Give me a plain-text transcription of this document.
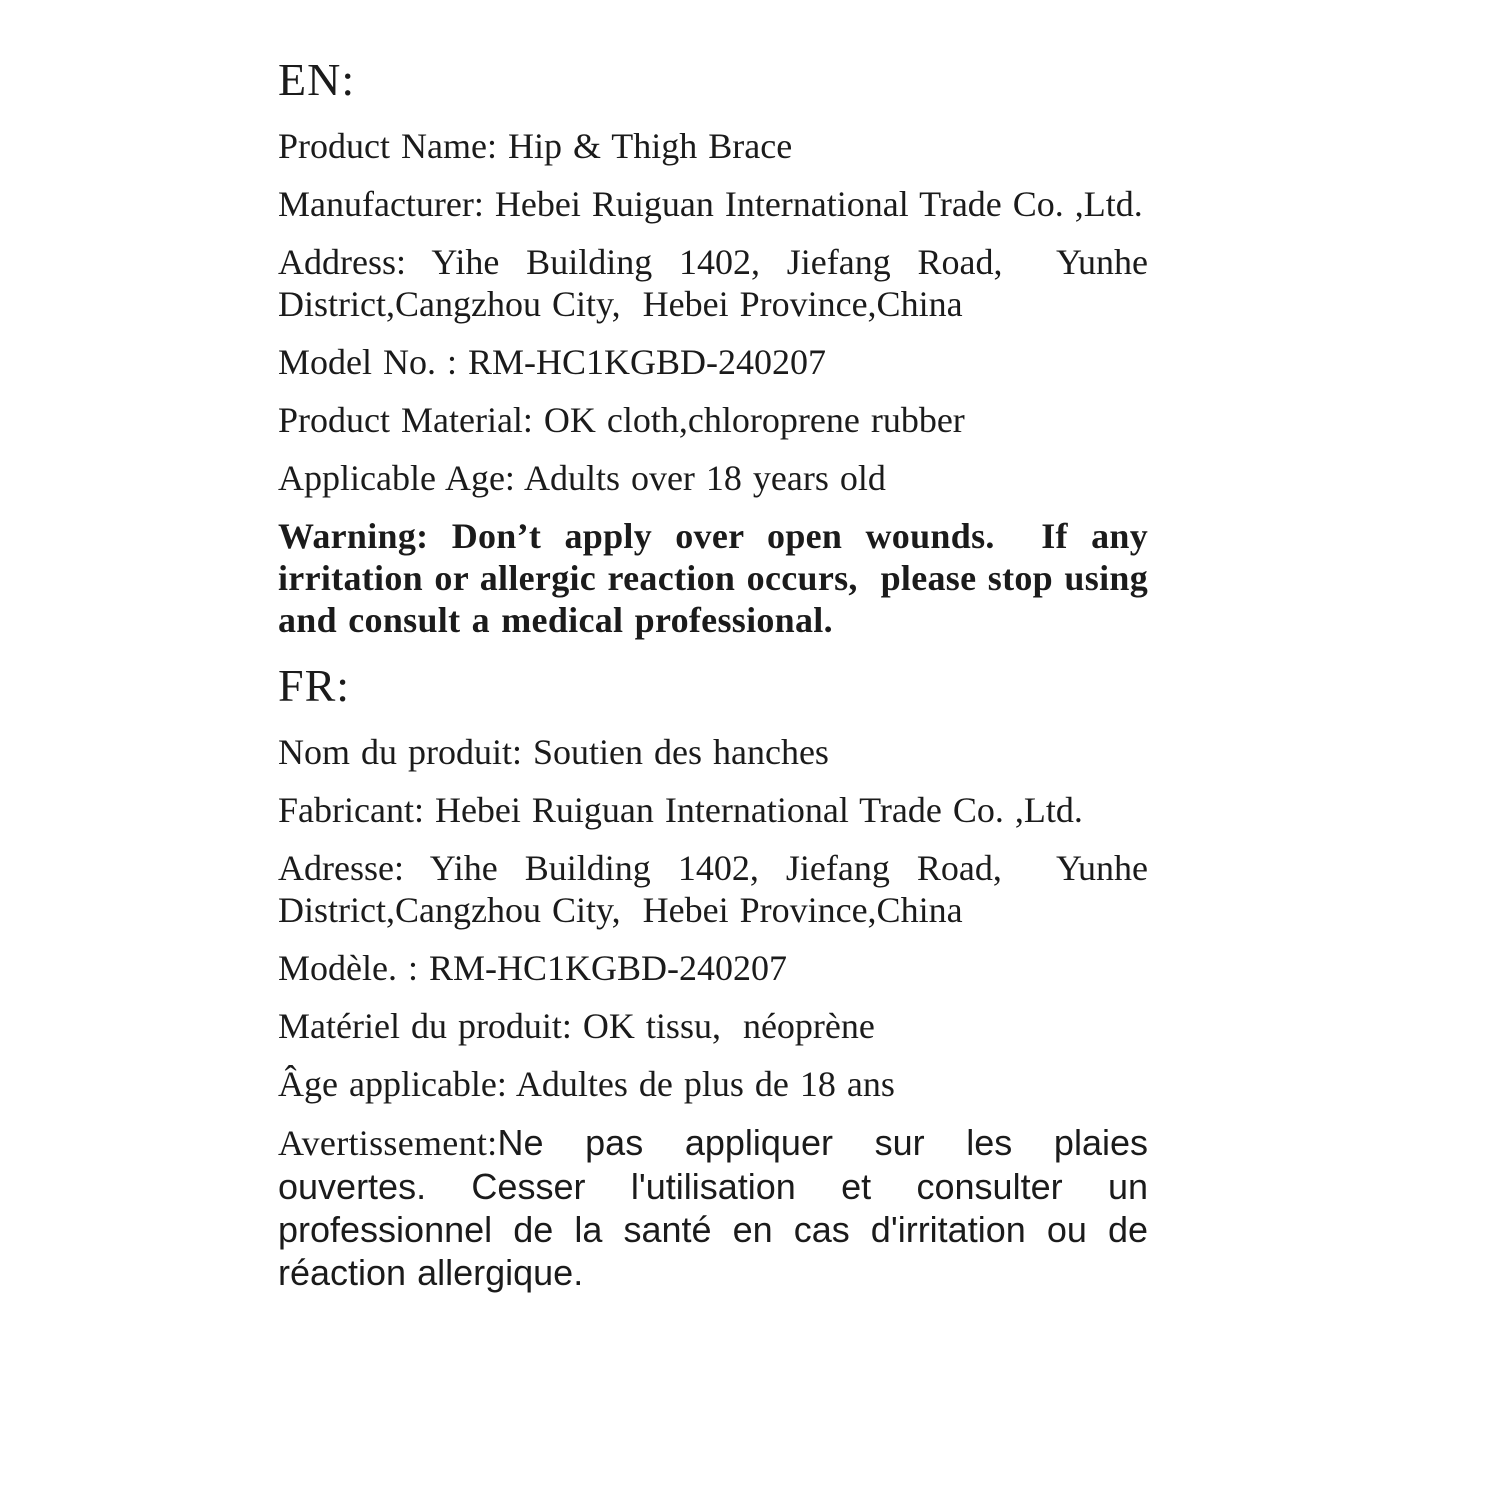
EN:

Product Name: Hip & Thigh Brace

Manufacturer: Hebei Ruiguan International Trade Co. ,Ltd.

Address: Yihe Building 1402, Jiefang Road,  Yunhe District,Cangzhou City,  Hebei Province,China

Model No. : RM-HC1KGBD-240207

Product Material: OK cloth,chloroprene rubber

Applicable Age: Adults over 18 years old

Warning: Don’t apply over open wounds.  If any irritation or allergic reaction occurs,  please stop using and consult a medical professional.

FR:

Nom du produit: Soutien des hanches

Fabricant: Hebei Ruiguan International Trade Co. ,Ltd.

Adresse: Yihe Building 1402, Jiefang Road,  Yunhe District,Cangzhou City,  Hebei Province,China

Modèle. : RM-HC1KGBD-240207

Matériel du produit: OK tissu,  néoprène

Âge applicable: Adultes de plus de 18 ans

Avertissement:Ne pas appliquer sur les plaies ouvertes. Cesser l'utilisation et consulter un professionnel de la santé en cas d'irritation ou de réaction allergique.
